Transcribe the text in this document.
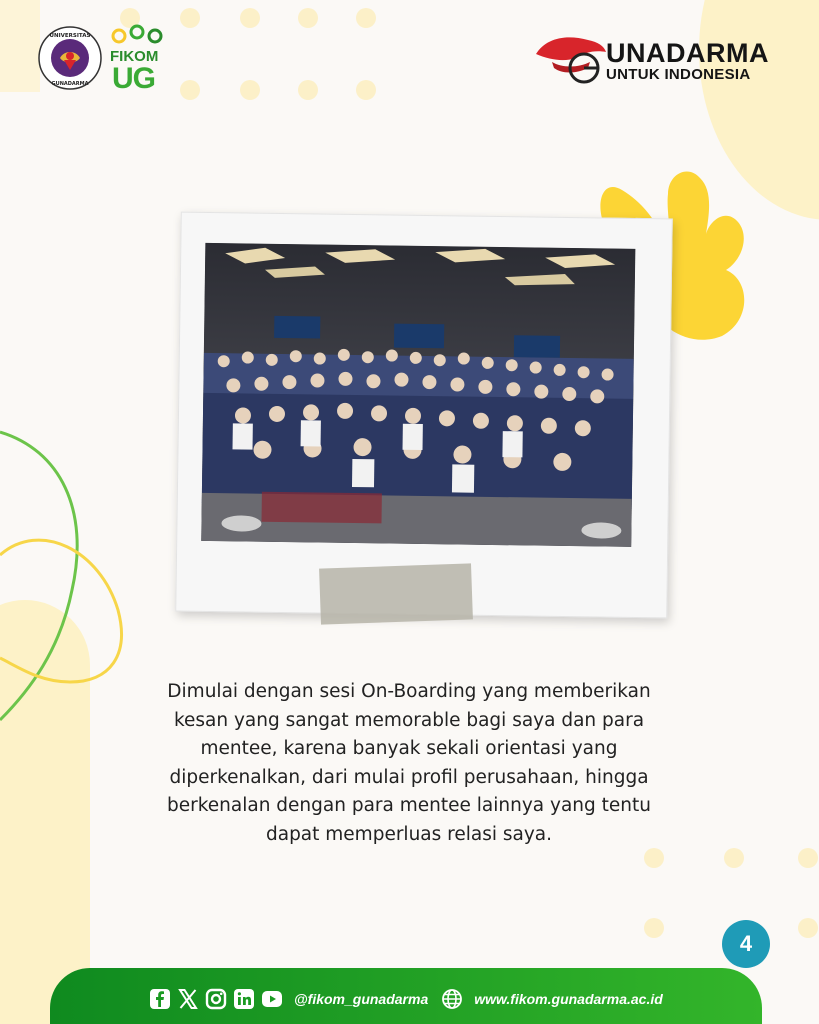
UNIVERSITAS
GUNADARMA
FIKOM
UG
UNADARMA
UNTUK INDONESIA
Dimulai dengan sesi On-Boarding yang memberikan
kesan yang sangat memorable bagi saya dan para
mentee, karena banyak sekali orientasi yang
diperkenalkan, dari mulai profil perusahaan, hingga
berkenalan dengan para mentee lainnya yang tentu
dapat memperluas relasi saya.
4
@fikom_gunadarma	www.fikom.gunadarma.ac.id
